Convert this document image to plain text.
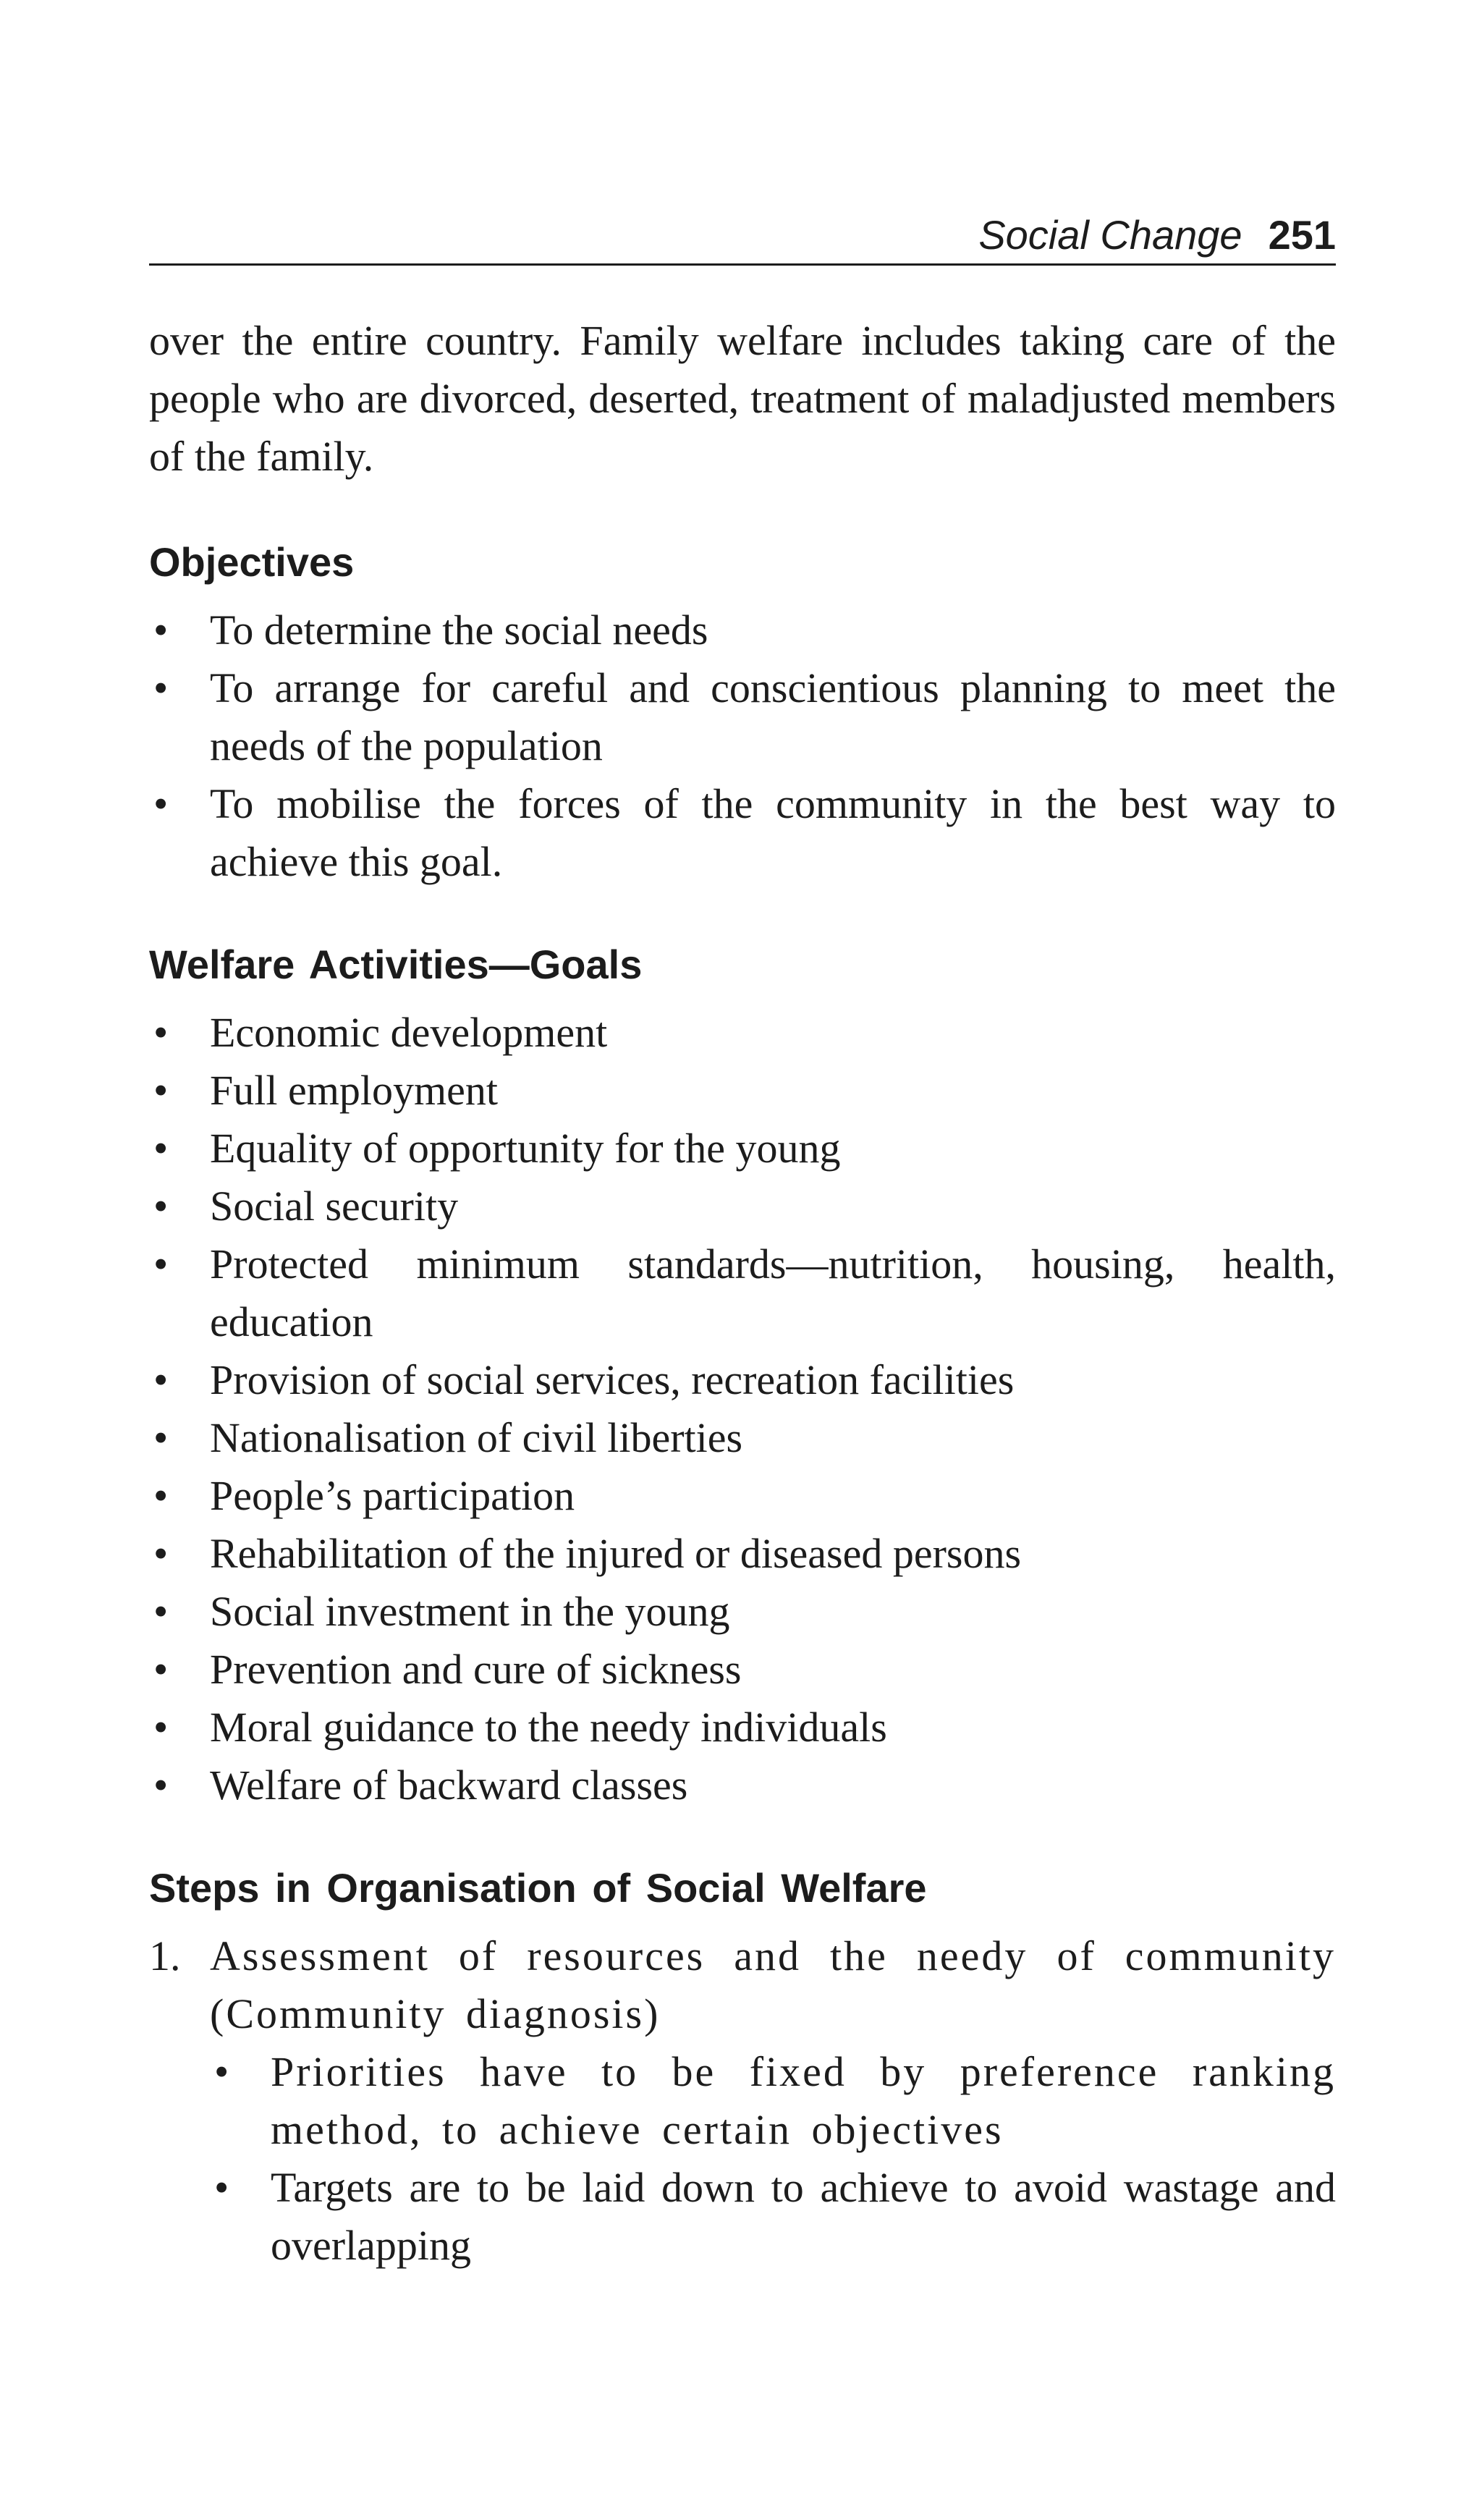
Social Change 251

over the entire country. Family welfare includes taking care of the people who are divorced, deserted, treatment of maladjusted members of the family.

Objectives
• To determine the social needs
• To arrange for careful and conscientious planning to meet the needs of the population
• To mobilise the forces of the community in the best way to achieve this goal.
Welfare Activities—Goals
• Economic development
• Full employment
• Equality of opportunity for the young
• Social security
• Protected minimum standards—nutrition, housing, health, education
• Provision of social services, recreation facilities
• Nationalisation of civil liberties
• People’s participation
• Rehabilitation of the injured or diseased persons
• Social investment in the young
• Prevention and cure of sickness
• Moral guidance to the needy individuals
• Welfare of backward classes
Steps in Organisation of Social Welfare
1. Assessment of resources and the needy of community (Community diagnosis)
• Priorities have to be fixed by preference ranking method, to achieve certain objectives
• Targets are to be laid down to achieve to avoid wastage and overlapping
